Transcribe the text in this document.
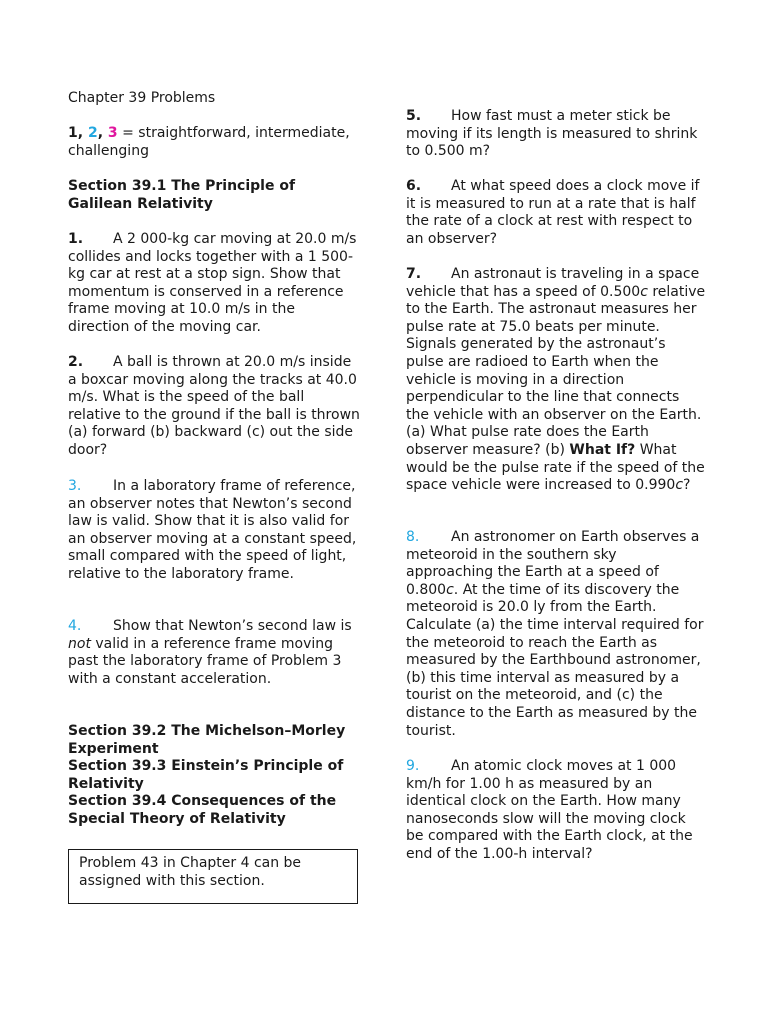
Chapter 39 Problems

1, 2, 3 = straightforward, intermediate, challenging

Section 39.1 The Principle of Galilean Relativity

1. A 2 000-kg car moving at 20.0 m/s collides and locks together with a 1 500-kg car at rest at a stop sign. Show that momentum is conserved in a reference frame moving at 10.0 m/s in the direction of the moving car.

2. A ball is thrown at 20.0 m/s inside a boxcar moving along the tracks at 40.0 m/s. What is the speed of the ball relative to the ground if the ball is thrown (a) forward (b) backward (c) out the side door?

3. In a laboratory frame of reference, an observer notes that Newton’s second law is valid. Show that it is also valid for an observer moving at a constant speed, small compared with the speed of light, relative to the laboratory frame.

4. Show that Newton’s second law is not valid in a reference frame moving past the laboratory frame of Problem 3 with a constant acceleration.

Section 39.2 The Michelson–Morley Experiment
Section 39.3 Einstein’s Principle of Relativity
Section 39.4 Consequences of the Special Theory of Relativity
Problem 43 in Chapter 4 can be assigned with this section.

5. How fast must a meter stick be moving if its length is measured to shrink to 0.500 m?

6. At what speed does a clock move if it is measured to run at a rate that is half the rate of a clock at rest with respect to an observer?

7. An astronaut is traveling in a space vehicle that has a speed of 0.500c relative to the Earth. The astronaut measures her pulse rate at 75.0 beats per minute. Signals generated by the astronaut’s pulse are radioed to Earth when the vehicle is moving in a direction perpendicular to the line that connects the vehicle with an observer on the Earth. (a) What pulse rate does the Earth observer measure? (b) What If? What would be the pulse rate if the speed of the space vehicle were increased to 0.990c?

8. An astronomer on Earth observes a meteoroid in the southern sky approaching the Earth at a speed of 0.800c. At the time of its discovery the meteoroid is 20.0 ly from the Earth. Calculate (a) the time interval required for the meteoroid to reach the Earth as measured by the Earthbound astronomer, (b) this time interval as measured by a tourist on the meteoroid, and (c) the distance to the Earth as measured by the tourist.

9. An atomic clock moves at 1 000 km/h for 1.00 h as measured by an identical clock on the Earth. How many nanoseconds slow will the moving clock be compared with the Earth clock, at the end of the 1.00-h interval?
